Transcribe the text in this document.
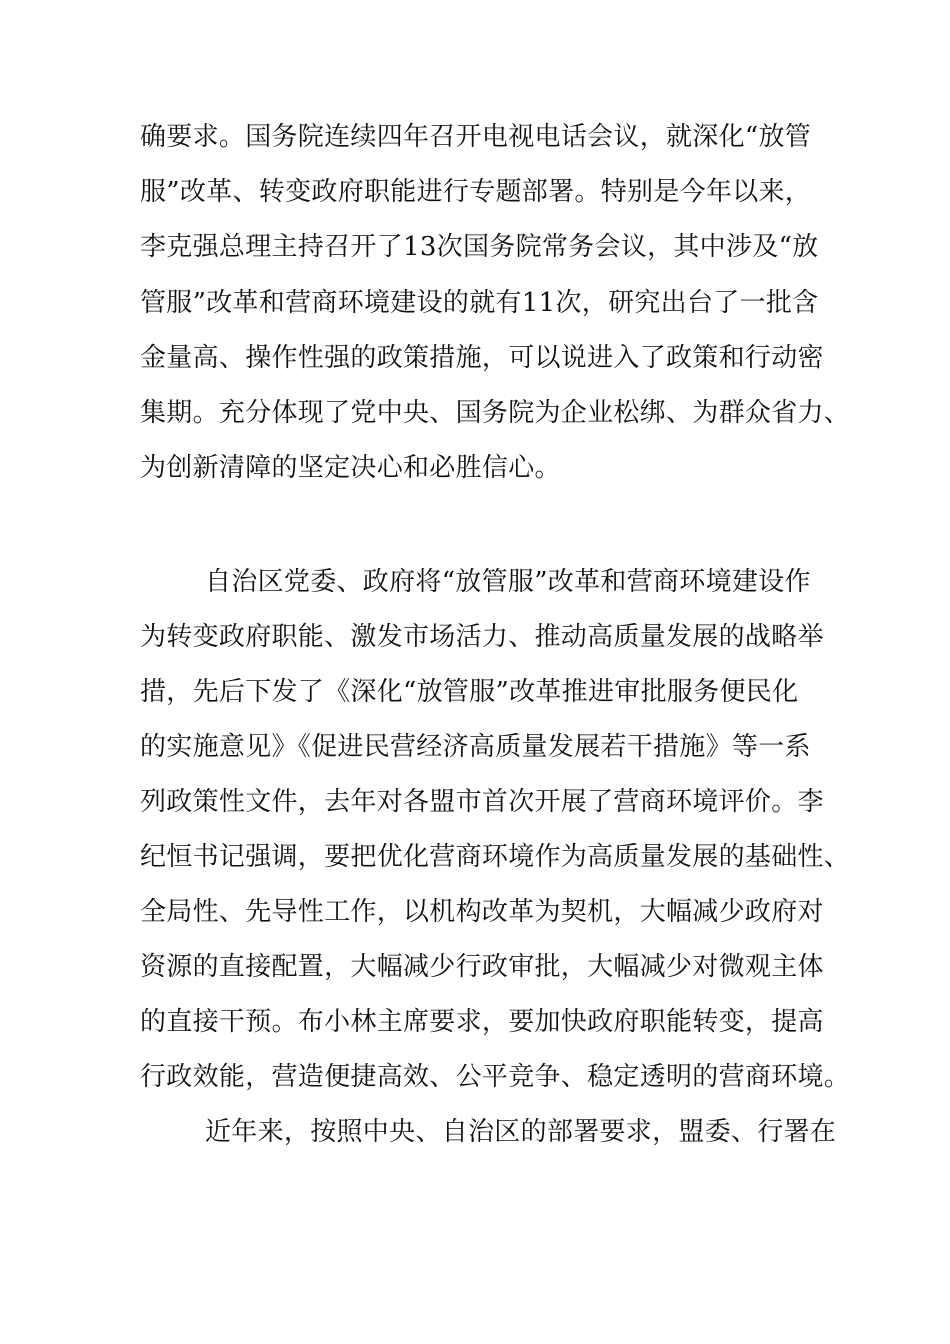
确要求。国务院连续四年召开电视电话会议，就深化“放管
服”改革、转变政府职能进行专题部署。特别是今年以来，
李克强总理主持召开了13次国务院常务会议，其中涉及“放
管服”改革和营商环境建设的就有11次，研究出台了一批含
金量高、操作性强的政策措施，可以说进入了政策和行动密
集期。充分体现了党中央、国务院为企业松绑、为群众省力、
为创新清障的坚定决心和必胜信心。
自治区党委、政府将“放管服”改革和营商环境建设作
为转变政府职能、激发市场活力、推动高质量发展的战略举
措，先后下发了《深化“放管服”改革推进审批服务便民化
的实施意见》《促进民营经济高质量发展若干措施》等一系
列政策性文件，去年对各盟市首次开展了营商环境评价。李
纪恒书记强调，要把优化营商环境作为高质量发展的基础性、
全局性、先导性工作，以机构改革为契机，大幅减少政府对
资源的直接配置，大幅减少行政审批，大幅减少对微观主体
的直接干预。布小林主席要求，要加快政府职能转变，提高
行政效能，营造便捷高效、公平竞争、稳定透明的营商环境。
近年来，按照中央、自治区的部署要求，盟委、行署在
